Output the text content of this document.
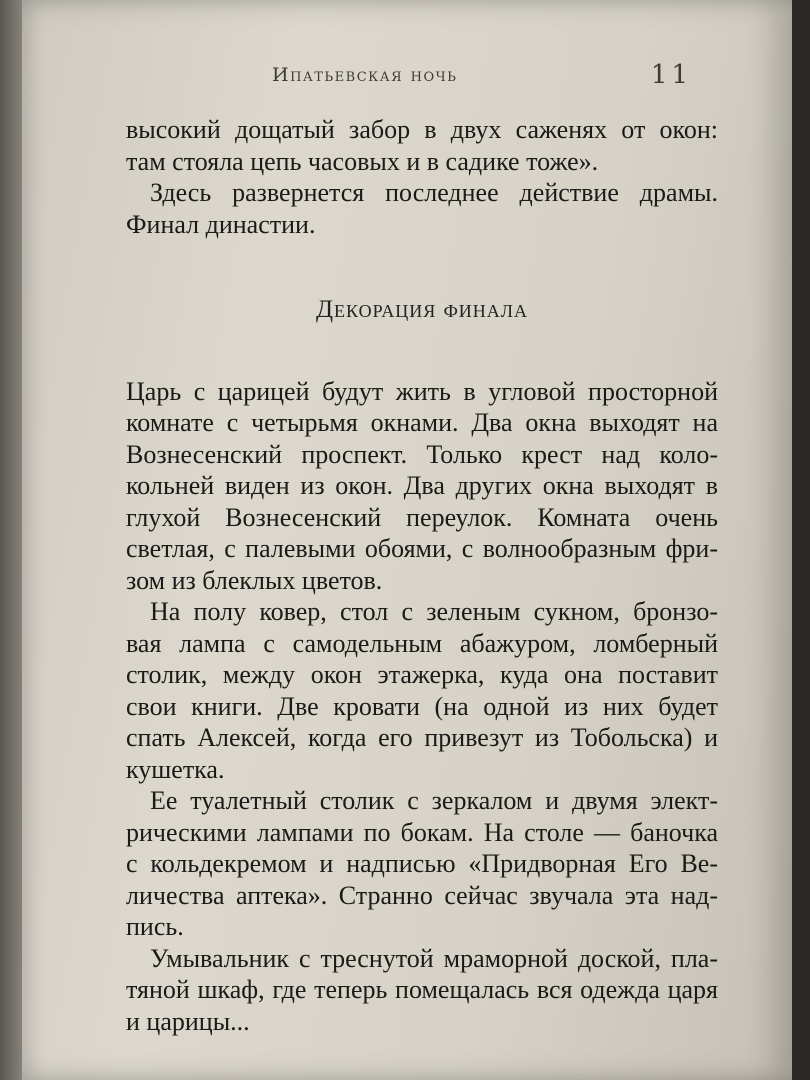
Ипатьевская ночь	11

высокий дощатый забор в двух саженях от окон:
там стояла цепь часовых и в садике тоже».

Здесь развернется последнее действие драмы.
Финал династии.

Декорация финала

Царь с царицей будут жить в угловой просторной
комнате с четырьмя окнами. Два окна выходят на
Вознесенский проспект. Только крест над коло-
кольней виден из окон. Два других окна выходят в
глухой Вознесенский переулок. Комната очень
светлая, с палевыми обоями, с волнообразным фри-
зом из блеклых цветов.

На полу ковер, стол с зеленым сукном, бронзо-
вая лампа с самодельным абажуром, ломберный
столик, между окон этажерка, куда она поставит
свои книги. Две кровати (на одной из них будет
спать Алексей, когда его привезут из Тобольска) и
кушетка.

Ее туалетный столик с зеркалом и двумя элект-
рическими лампами по бокам. На столе — баночка
с кольдекремом и надписью «Придворная Его Ве-
личества аптека». Странно сейчас звучала эта над-
пись.

Умывальник с треснутой мраморной доской, пла-
тяной шкаф, где теперь помещалась вся одежда царя
и царицы...
